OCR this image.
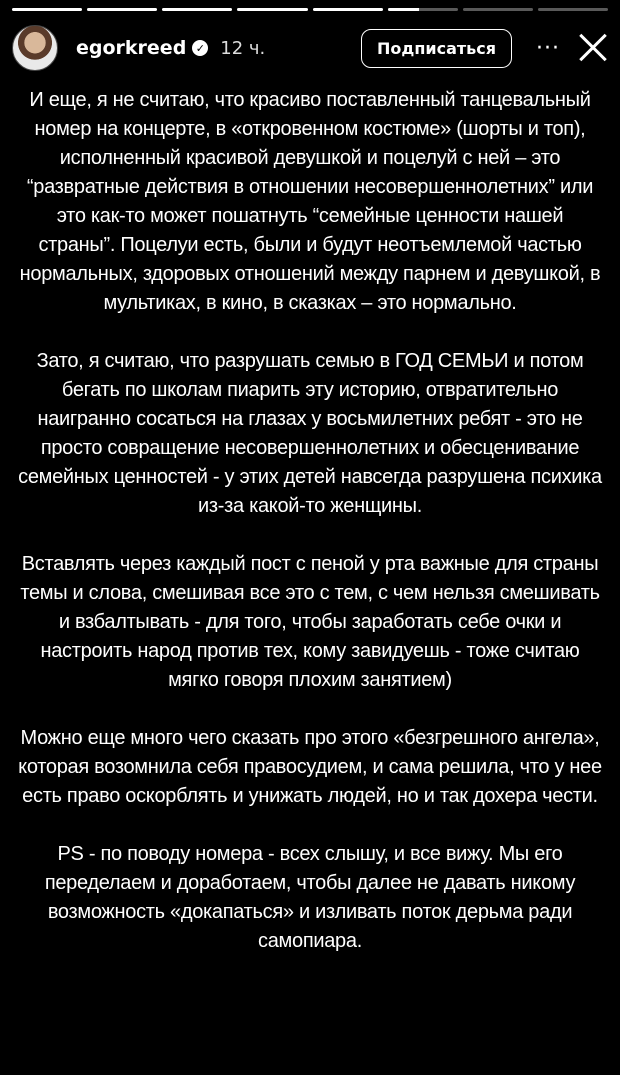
egorkreed ✓ 12 ч.	Подписаться	···

И еще, я не считаю, что красиво поставленный танцевальный номер на концерте, в «откровенном костюме» (шорты и топ), исполненный красивой девушкой и поцелуй с ней – это “развратные действия в отношении несовершеннолетних” или это как-то может пошатнуть “семейные ценности нашей страны”. Поцелуи есть, были и будут неотъемлемой частью нормальных, здоровых отношений между парнем и девушкой, в мультиках, в кино, в сказках – это нормально.

Зато, я считаю, что разрушать семью в ГОД СЕМЬИ и потом бегать по школам пиарить эту историю, отвратительно наигранно сосаться на глазах у восьмилетних ребят - это не просто совращение несовершеннолетних и обесценивание семейных ценностей - у этих детей навсегда разрушена психика из-за какой-то женщины.

Вставлять через каждый пост с пеной у рта важные для страны темы и слова, смешивая все это с тем, с чем нельзя смешивать и взбалтывать - для того, чтобы заработать себе очки и настроить народ против тех, кому завидуешь - тоже считаю мягко говоря плохим занятием)

Можно еще много чего сказать про этого «безгрешного ангела», которая возомнила себя правосудием, и сама решила, что у нее есть право оскорблять и унижать людей, но и так дохера чести.

PS - по поводу номера - всех слышу, и все вижу. Мы его переделаем и доработаем, чтобы далее не давать никому возможность «докапаться» и изливать поток дерьма ради самопиара.
